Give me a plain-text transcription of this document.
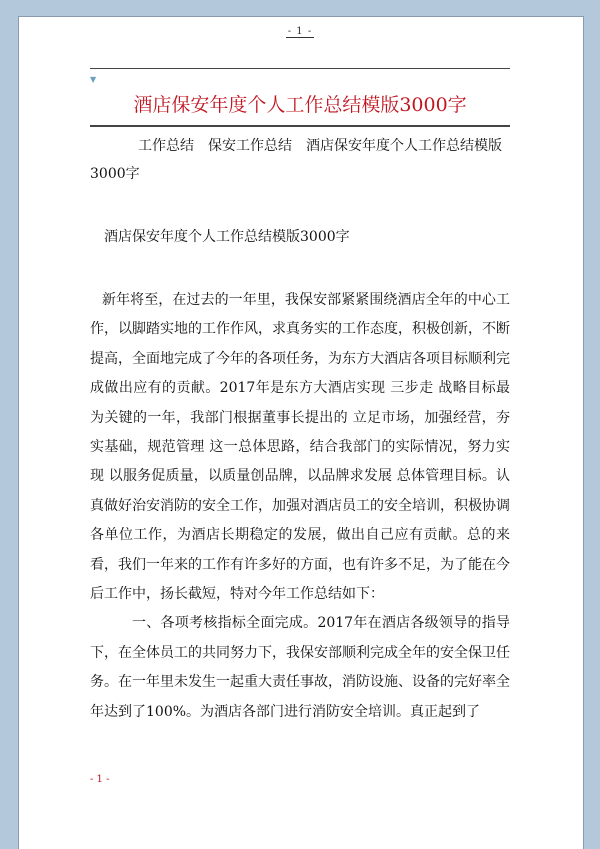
- 1 -
▼
酒店保安年度个人工作总结模版3000字
工作总结 保安工作总结 酒店保安年度个人工作总结模版3000字
酒店保安年度个人工作总结模版3000字

新年将至，在过去的一年里，我保安部紧紧围绕酒店全年的中心工作，以脚踏实地的工作作风，求真务实的工作态度，积极创新，不断提高，全面地完成了今年的各项任务，为东方大酒店各项目标顺利完成做出应有的贡献。2017年是东方大酒店实现 三步走 战略目标最为关键的一年，我部门根据董事长提出的 立足市场，加强经营，夯实基础，规范管理 这一总体思路，结合我部门的实际情况，努力实现 以服务促质量，以质量创品牌，以品牌求发展 总体管理目标。认真做好治安消防的安全工作，加强对酒店员工的安全培训，积极协调各单位工作，为酒店长期稳定的发展，做出自己应有贡献。总的来看，我们一年来的工作有许多好的方面，也有许多不足，为了能在今后工作中，扬长截短，特对今年工作总结如下：

一、各项考核指标全面完成。2017年在酒店各级领导的指导下，在全体员工的共同努力下，我保安部顺利完成全年的安全保卫任务。在一年里未发生一起重大责任事故，消防设施、设备的完好率全年达到了100%。为酒店各部门进行消防安全培训。真正起到了

- 1 -
